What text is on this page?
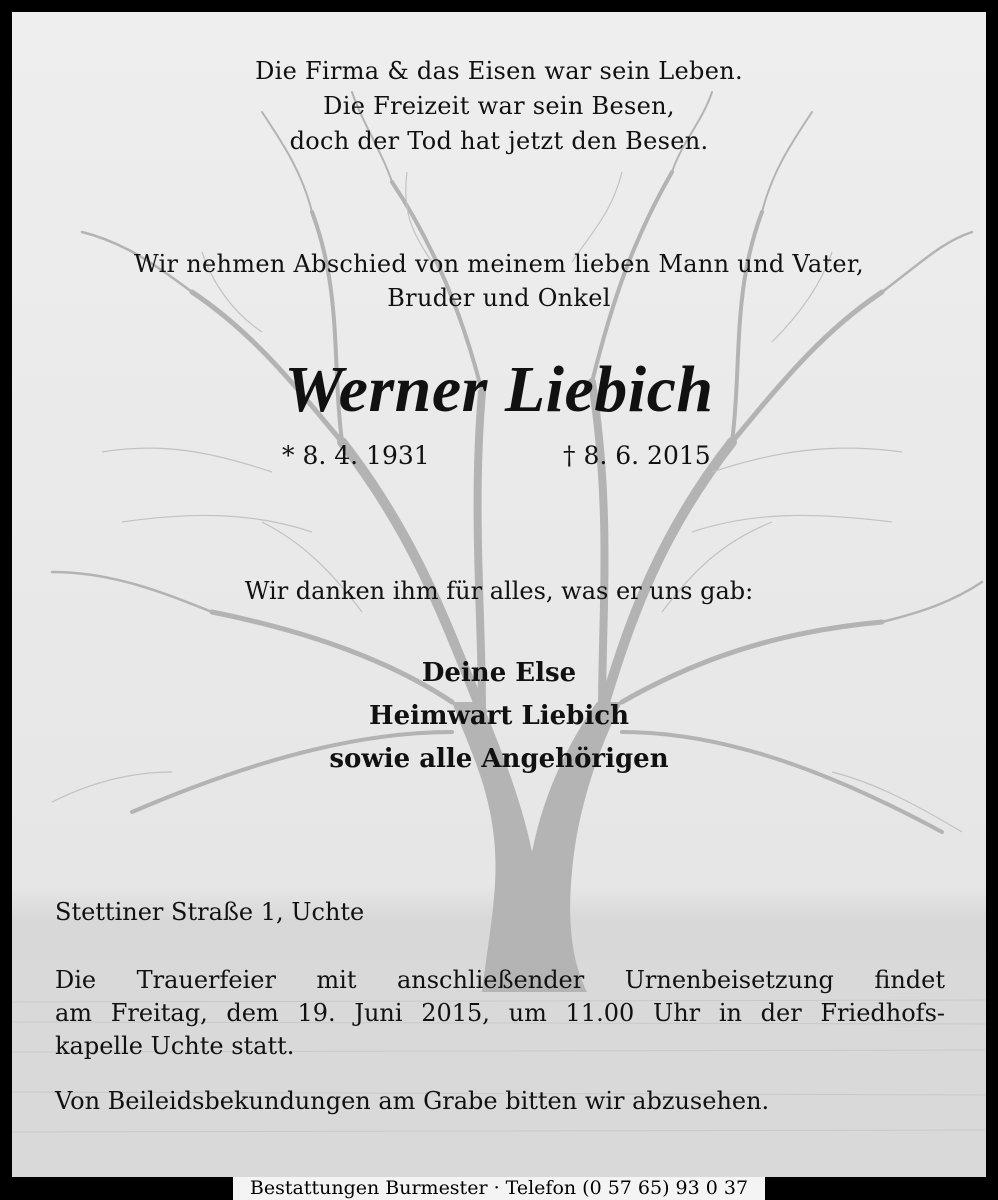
Die Firma & das Eisen war sein Leben.

Die Freizeit war sein Besen,

doch der Tod hat jetzt den Besen.

Wir nehmen Abschied von meinem lieben Mann und Vater,

Bruder und Onkel

Werner Liebich
* 8. 4. 1931	† 8. 6. 2015
Wir danken ihm für alles, was er uns gab:

Deine Else

Heimwart Liebich

sowie alle Angehörigen

Stettiner Straße 1, Uchte

Die Trauerfeier mit anschließender Urnenbeisetzung findet

am Freitag, dem 19. Juni 2015, um 11.00 Uhr in der Friedhofs-

kapelle Uchte statt.

Von Beileidsbekundungen am Grabe bitten wir abzusehen.
Bestattungen Burmester · Telefon (0 57 65) 93 0 37
